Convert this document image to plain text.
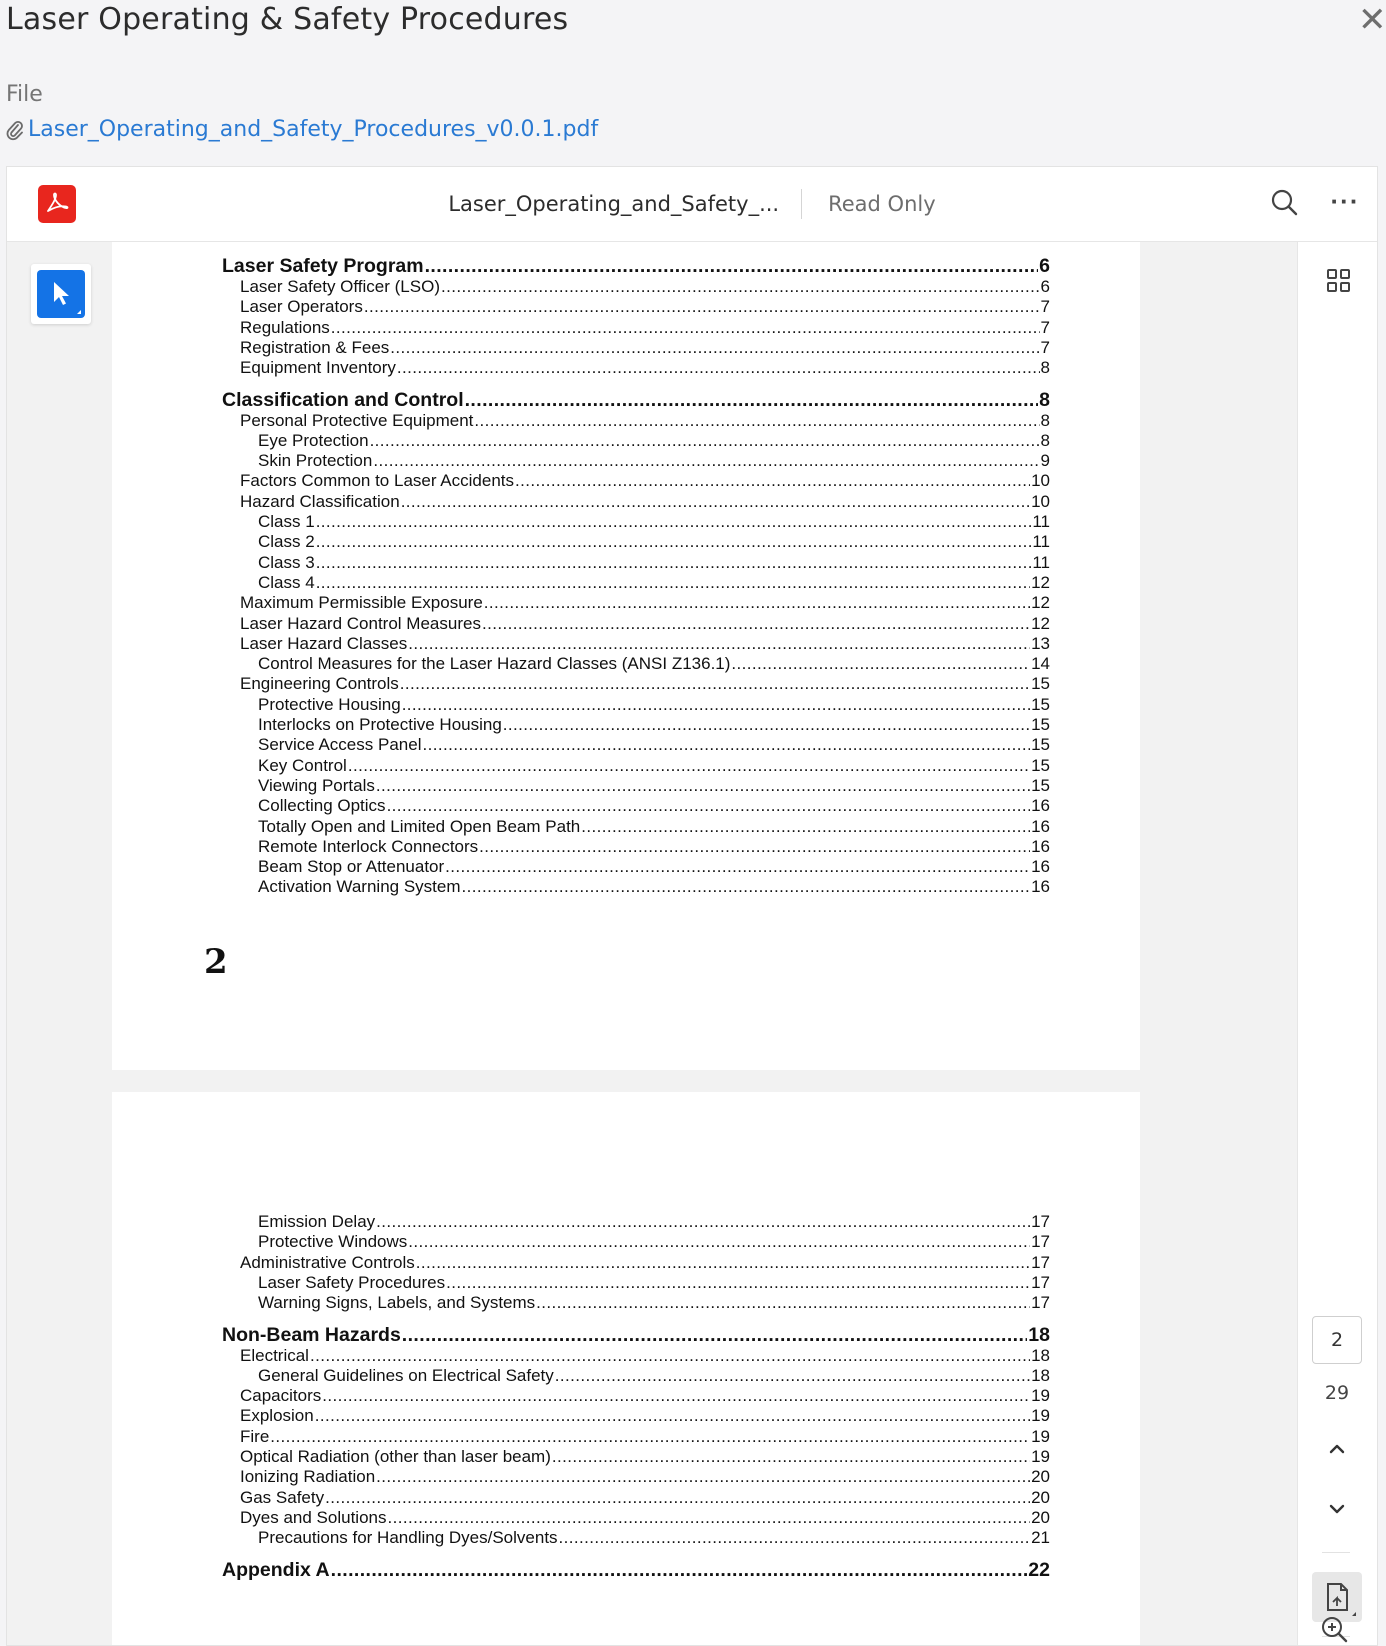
Laser Operating & Safety Procedures	✕
File
Laser_Operating_and_Safety_Procedures_v0.0.1.pdf
Laser_Operating_and_Safety_... Read Only	···
Laser Safety Program .....	6
Laser Safety Officer (LSO) .....	6
Laser Operators .....	7
Regulations .....	7
Registration & Fees .....	7
Equipment Inventory .....	8
Classification and Control .....	8
Personal Protective Equipment .....	8
Eye Protection .....	8
Skin Protection .....	9
Factors Common to Laser Accidents .....	10
Hazard Classification .....	10
Class 1 .....	11
Class 2 .....	11
Class 3 .....	11
Class 4 .....	12
Maximum Permissible Exposure .....	12
Laser Hazard Control Measures .....	12
Laser Hazard Classes .....	13
Control Measures for the Laser Hazard Classes (ANSI Z136.1) .....	14
Engineering Controls .....	15
Protective Housing .....	15
Interlocks on Protective Housing .....	15
Service Access Panel .....	15
Key Control .....	15
Viewing Portals .....	15
Collecting Optics .....	16
Totally Open and Limited Open Beam Path .....	16
Remote Interlock Connectors .....	16
Beam Stop or Attenuator .....	16
Activation Warning System .....	16
2
Emission Delay .....	17
Protective Windows .....	17
Administrative Controls .....	17
Laser Safety Procedures .....	17
Warning Signs, Labels, and Systems .....	17
Non-Beam Hazards .....	18
Electrical .....	18
General Guidelines on Electrical Safety .....	18
Capacitors .....	19
Explosion .....	19
Fire .....	19
Optical Radiation (other than laser beam) .....	19
Ionizing Radiation .....	20
Gas Safety .....	20
Dyes and Solutions .....	20
Precautions for Handling Dyes/Solvents .....	21
Appendix A .....	22
2
29
